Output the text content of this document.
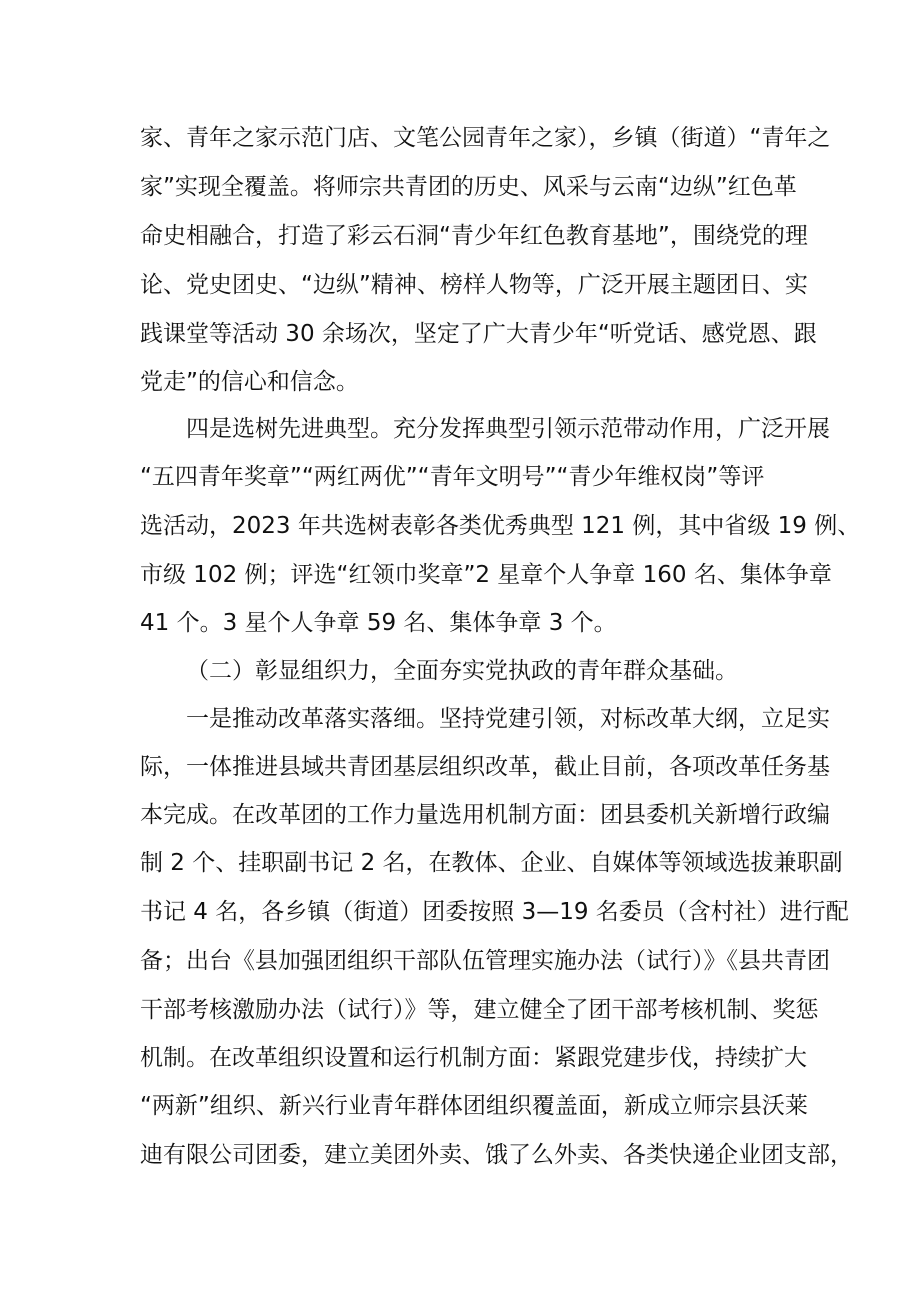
家、青年之家示范门店、文笔公园青年之家），乡镇（街道）“青年之
家”实现全覆盖。将师宗共青团的历史、风采与云南“边纵”红色革
命史相融合，打造了彩云石洞“青少年红色教育基地”，围绕党的理
论、党史团史、“边纵”精神、榜样人物等，广泛开展主题团日、实
践课堂等活动 30 余场次，坚定了广大青少年“听党话、感党恩、跟
党走”的信心和信念。
四是选树先进典型。充分发挥典型引领示范带动作用，广泛开展
“五四青年奖章”“两红两优”“青年文明号”“青少年维权岗”等评
选活动，2023 年共选树表彰各类优秀典型 121 例，其中省级 19 例、
市级 102 例；评选“红领巾奖章”2 星章个人争章 160 名、集体争章
41 个。3 星个人争章 59 名、集体争章 3 个。
（二）彰显组织力，全面夯实党执政的青年群众基础。
一是推动改革落实落细。坚持党建引领，对标改革大纲，立足实
际，一体推进县域共青团基层组织改革，截止目前，各项改革任务基
本完成。在改革团的工作力量选用机制方面：团县委机关新增行政编
制 2 个、挂职副书记 2 名，在教体、企业、自媒体等领域选拔兼职副
书记 4 名，各乡镇（街道）团委按照 3—19 名委员（含村社）进行配
备；出台《县加强团组织干部队伍管理实施办法（试行）》《县共青团
干部考核激励办法（试行）》等，建立健全了团干部考核机制、奖惩
机制。在改革组织设置和运行机制方面：紧跟党建步伐，持续扩大
“两新”组织、新兴行业青年群体团组织覆盖面，新成立师宗县沃莱
迪有限公司团委，建立美团外卖、饿了么外卖、各类快递企业团支部，
